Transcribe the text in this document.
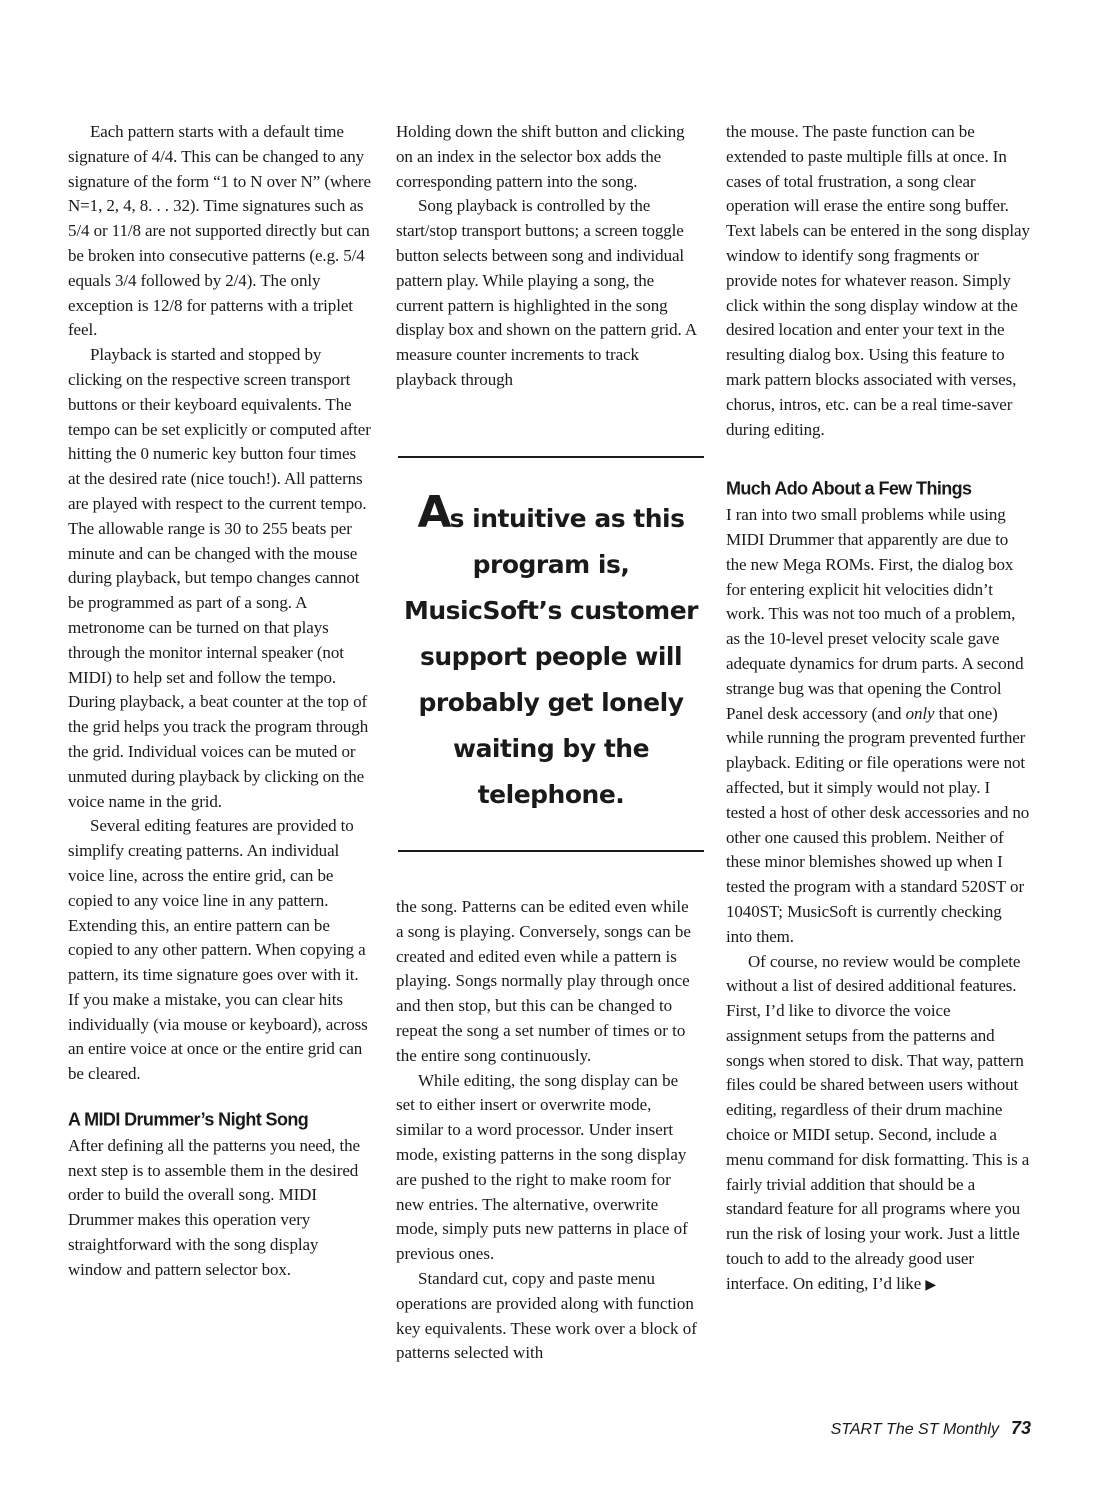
Each pattern starts with a default time signature of 4/4. This can be changed to any signature of the form “1 to N over N” (where N=1, 2, 4, 8. . . 32). Time signatures such as 5/4 or 11/8 are not supported directly but can be broken into consecutive patterns (e.g. 5/4 equals 3/4 followed by 2/4). The only exception is 12/8 for patterns with a triplet feel.

Playback is started and stopped by clicking on the respective screen transport buttons or their keyboard equivalents. The tempo can be set explicitly or computed after hitting the 0 numeric key button four times at the desired rate (nice touch!). All patterns are played with respect to the current tempo. The allowable range is 30 to 255 beats per minute and can be changed with the mouse during playback, but tempo changes cannot be programmed as part of a song. A metronome can be turned on that plays through the monitor internal speaker (not MIDI) to help set and follow the tempo. During playback, a beat counter at the top of the grid helps you track the program through the grid. Individual voices can be muted or unmuted during playback by clicking on the voice name in the grid.

Several editing features are provided to simplify creating patterns. An individual voice line, across the entire grid, can be copied to any voice line in any pattern. Extending this, an entire pattern can be copied to any other pattern. When copying a pattern, its time signature goes over with it. If you make a mistake, you can clear hits individually (via mouse or keyboard), across an entire voice at once or the entire grid can be cleared.

A MIDI Drummer’s Night Song

After defining all the patterns you need, the next step is to assemble them in the desired order to build the overall song. MIDI Drummer makes this operation very straightforward with the song display window and pattern selector box.

Holding down the shift button and clicking on an index in the selector box adds the corresponding pattern into the song.

Song playback is controlled by the start/stop transport buttons; a screen toggle button selects between song and individual pattern play. While playing a song, the current pattern is highlighted in the song display box and shown on the pattern grid. A measure counter increments to track playback through

As intuitive as this program is, MusicSoft’s customer support people will probably get lonely waiting by the telephone.

the song. Patterns can be edited even while a song is playing. Conversely, songs can be created and edited even while a pattern is playing. Songs normally play through once and then stop, but this can be changed to repeat the song a set number of times or to the entire song continuously.

While editing, the song display can be set to either insert or overwrite mode, similar to a word processor. Under insert mode, existing patterns in the song display are pushed to the right to make room for new entries. The alternative, overwrite mode, simply puts new patterns in place of previous ones.

Standard cut, copy and paste menu operations are provided along with function key equivalents. These work over a block of patterns selected with

the mouse. The paste function can be extended to paste multiple fills at once. In cases of total frustration, a song clear operation will erase the entire song buffer. Text labels can be entered in the song display window to identify song fragments or provide notes for whatever reason. Simply click within the song display window at the desired location and enter your text in the resulting dialog box. Using this feature to mark pattern blocks associated with verses, chorus, intros, etc. can be a real time-saver during editing.

Much Ado About a Few Things

I ran into two small problems while using MIDI Drummer that apparently are due to the new Mega ROMs. First, the dialog box for entering explicit hit velocities didn’t work. This was not too much of a problem, as the 10-level preset velocity scale gave adequate dynamics for drum parts. A second strange bug was that opening the Control Panel desk accessory (and only that one) while running the program prevented further playback. Editing or file operations were not affected, but it simply would not play. I tested a host of other desk accessories and no other one caused this problem. Neither of these minor blemishes showed up when I tested the program with a standard 520ST or 1040ST; MusicSoft is currently checking into them.

Of course, no review would be complete without a list of desired additional features. First, I’d like to divorce the voice assignment setups from the patterns and songs when stored to disk. That way, pattern files could be shared between users without editing, regardless of their drum machine choice or MIDI setup. Second, include a menu command for disk formatting. This is a fairly trivial addition that should be a standard feature for all programs where you run the risk of losing your work. Just a little touch to add to the already good user interface. On editing, I’d like ▶

START The ST Monthly 73
